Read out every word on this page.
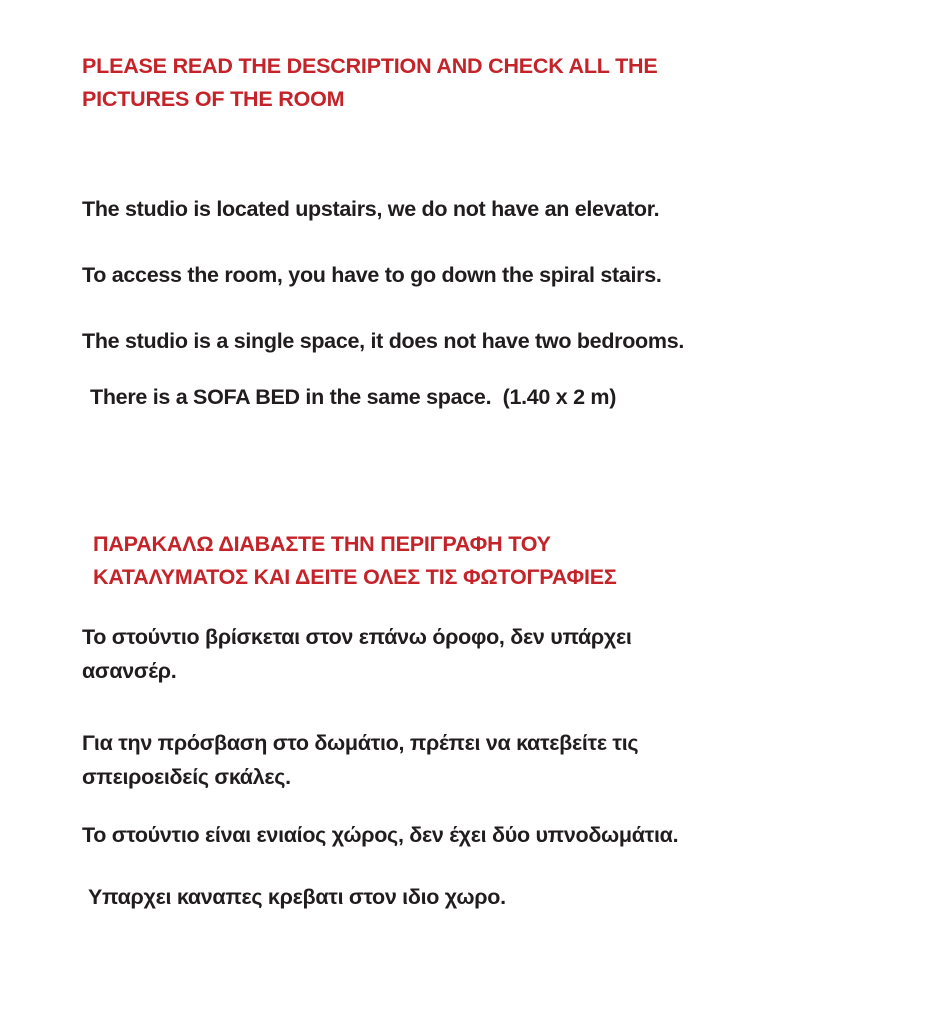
PLEASE READ THE DESCRIPTION AND CHECK ALL THE
PICTURES OF THE ROOM

The studio is located upstairs, we do not have an elevator.

To access the room, you have to go down the spiral stairs.

The studio is a single space, it does not have two bedrooms.

There is a SOFA BED in the same space.  (1.40 x 2 m)

ΠΑΡΑΚΑΛΩ ΔΙΑΒΑΣΤΕ ΤΗΝ ΠΕΡΙΓΡΑΦΗ ΤΟΥ
ΚΑΤΑΛΥΜΑΤΟΣ ΚΑΙ ΔΕΙΤΕ ΟΛΕΣ ΤΙΣ ΦΩΤΟΓΡΑΦΙΕΣ

Το στούντιο βρίσκεται στον επάνω όροφο, δεν υπάρχει
ασανσέρ.

Για την πρόσβαση στο δωμάτιο, πρέπει να κατεβείτε τις
σπειροειδείς σκάλες.

Το στούντιο είναι ενιαίος χώρος, δεν έχει δύο υπνοδωμάτια.

Υπαρχει καναπες κρεβατι στον ιδιο χωρο.
